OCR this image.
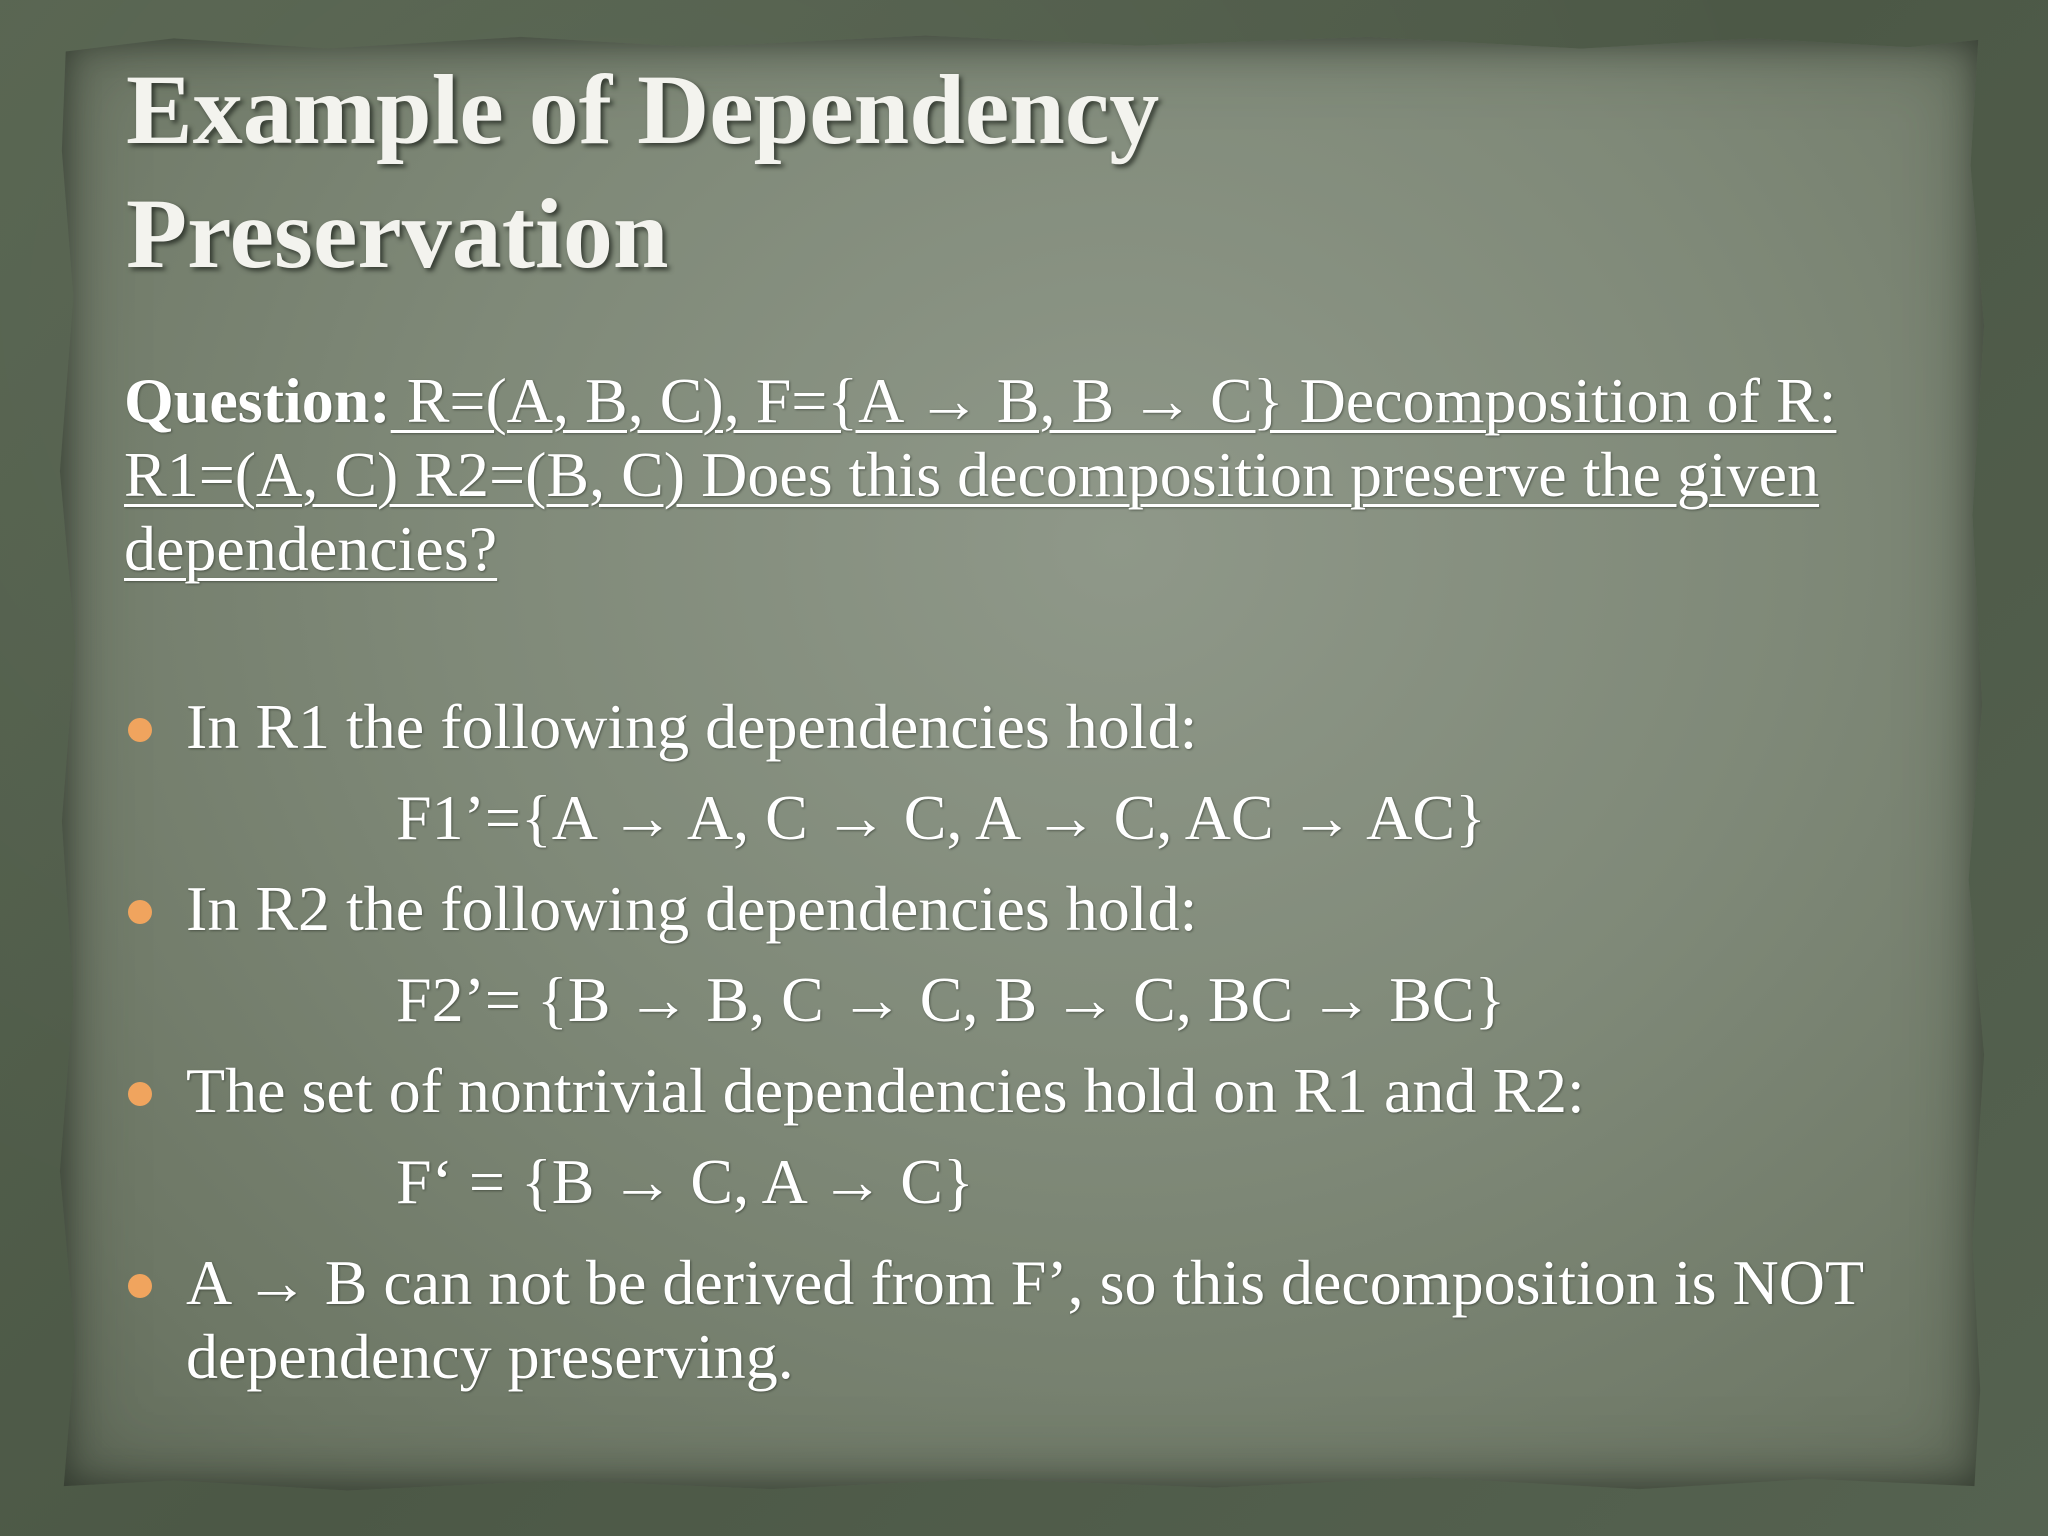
Example of Dependency
Preservation

Question: R=(A, B, C), F={A → B, B → C} Decomposition of R: R1=(A, C) R2=(B, C) Does this decomposition preserve the given dependencies?

In R1 the following dependencies hold:
F1’={A → A, C → C, A → C, AC → AC}
In R2 the following dependencies hold:
F2’= {B → B, C → C, B → C, BC → BC}
The set of nontrivial dependencies hold on R1 and R2:
F‘ = {B → C, A → C}
A → B can not be derived from F’, so this decomposition is NOT dependency preserving.
